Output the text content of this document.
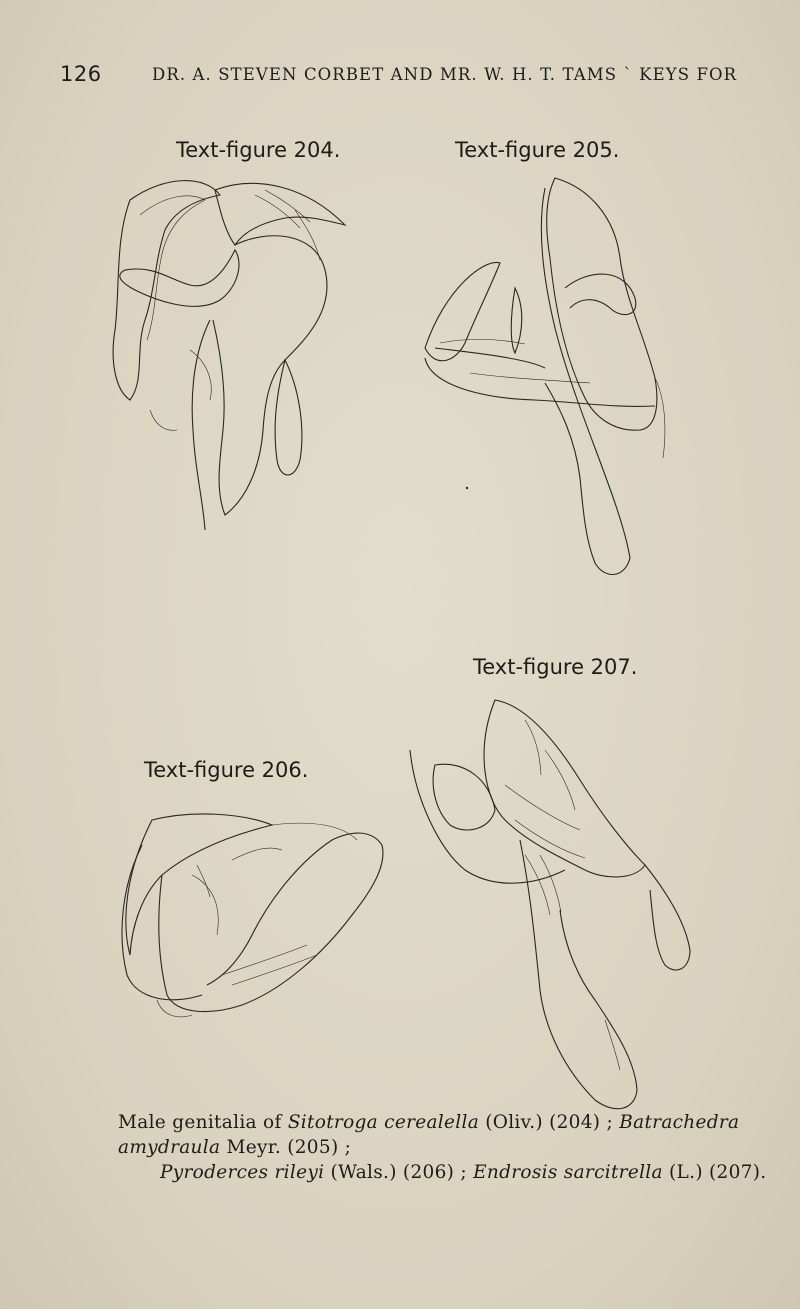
126	DR. A. STEVEN CORBET AND MR. W. H. T. TAMS ` KEYS FOR
Text-figure 204.	Text-figure 205.
Text-figure 207.
Text-figure 206.
Male genitalia of Sitotroga cerealella (Oliv.) (204) ; Batrachedra amydraula Meyr. (205) ;
Pyroderces rileyi (Wals.) (206) ; Endrosis sarcitrella (L.) (207).
